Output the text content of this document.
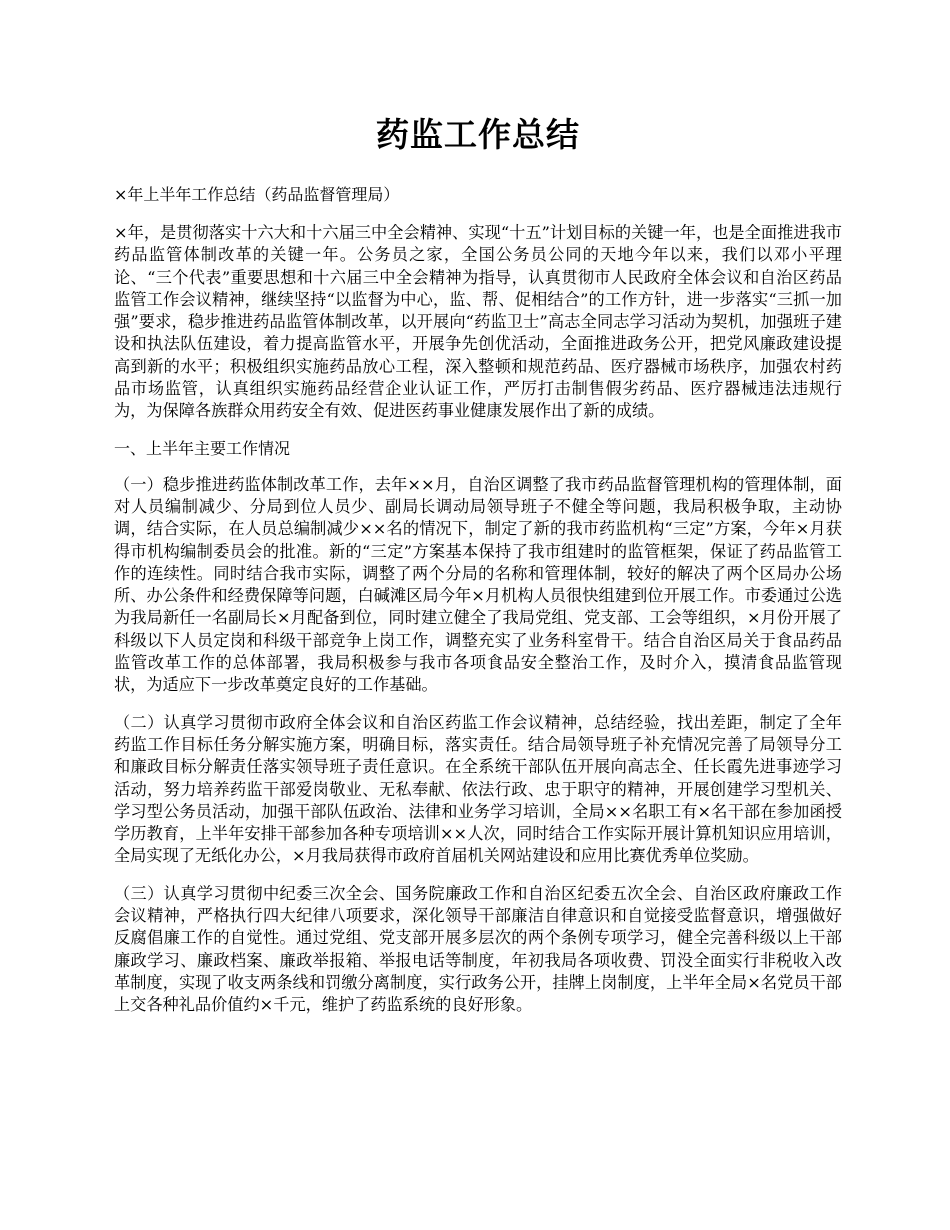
药监工作总结

×年上半年工作总结（药品监督管理局）

×年，是贯彻落实十六大和十六届三中全会精神、实现“十五”计划目标的关键一年，也是全面推进我市药品监管体制改革的关键一年。公务员之家，全国公务员公同的天地今年以来，我们以邓小平理论、“三个代表”重要思想和十六届三中全会精神为指导，认真贯彻市人民政府全体会议和自治区药品监管工作会议精神，继续坚持“以监督为中心，监、帮、促相结合”的工作方针，进一步落实“三抓一加强”要求，稳步推进药品监管体制改革，以开展向“药监卫士”高志全同志学习活动为契机，加强班子建设和执法队伍建设，着力提高监管水平，开展争先创优活动，全面推进政务公开，把党风廉政建设提高到新的水平；积极组织实施药品放心工程，深入整顿和规范药品、医疗器械市场秩序，加强农村药品市场监管，认真组织实施药品经营企业认证工作，严厉打击制售假劣药品、医疗器械违法违规行为，为保障各族群众用药安全有效、促进医药事业健康发展作出了新的成绩。

一、上半年主要工作情况

（一）稳步推进药监体制改革工作，去年××月，自治区调整了我市药品监督管理机构的管理体制，面对人员编制减少、分局到位人员少、副局长调动局领导班子不健全等问题，我局积极争取，主动协调，结合实际，在人员总编制减少××名的情况下，制定了新的我市药监机构“三定”方案，今年×月获得市机构编制委员会的批准。新的“三定”方案基本保持了我市组建时的监管框架，保证了药品监管工作的连续性。同时结合我市实际，调整了两个分局的名称和管理体制，较好的解决了两个区局办公场所、办公条件和经费保障等问题，白碱滩区局今年×月机构人员很快组建到位开展工作。市委通过公选为我局新任一名副局长×月配备到位，同时建立健全了我局党组、党支部、工会等组织，×月份开展了科级以下人员定岗和科级干部竞争上岗工作，调整充实了业务科室骨干。结合自治区局关于食品药品监管改革工作的总体部署，我局积极参与我市各项食品安全整治工作，及时介入，摸清食品监管现状，为适应下一步改革奠定良好的工作基础。

（二）认真学习贯彻市政府全体会议和自治区药监工作会议精神，总结经验，找出差距，制定了全年药监工作目标任务分解实施方案，明确目标，落实责任。结合局领导班子补充情况完善了局领导分工和廉政目标分解责任落实领导班子责任意识。在全系统干部队伍开展向高志全、任长霞先进事迹学习活动，努力培养药监干部爱岗敬业、无私奉献、依法行政、忠于职守的精神，开展创建学习型机关、学习型公务员活动，加强干部队伍政治、法律和业务学习培训，全局××名职工有×名干部在参加函授学历教育，上半年安排干部参加各种专项培训××人次，同时结合工作实际开展计算机知识应用培训，全局实现了无纸化办公，×月我局获得市政府首届机关网站建设和应用比赛优秀单位奖励。

（三）认真学习贯彻中纪委三次全会、国务院廉政工作和自治区纪委五次全会、自治区政府廉政工作会议精神，严格执行四大纪律八项要求，深化领导干部廉洁自律意识和自觉接受监督意识，增强做好反腐倡廉工作的自觉性。通过党组、党支部开展多层次的两个条例专项学习，健全完善科级以上干部廉政学习、廉政档案、廉政举报箱、举报电话等制度，年初我局各项收费、罚没全面实行非税收入改革制度，实现了收支两条线和罚缴分离制度，实行政务公开，挂牌上岗制度，上半年全局×名党员干部上交各种礼品价值约×千元，维护了药监系统的良好形象。
